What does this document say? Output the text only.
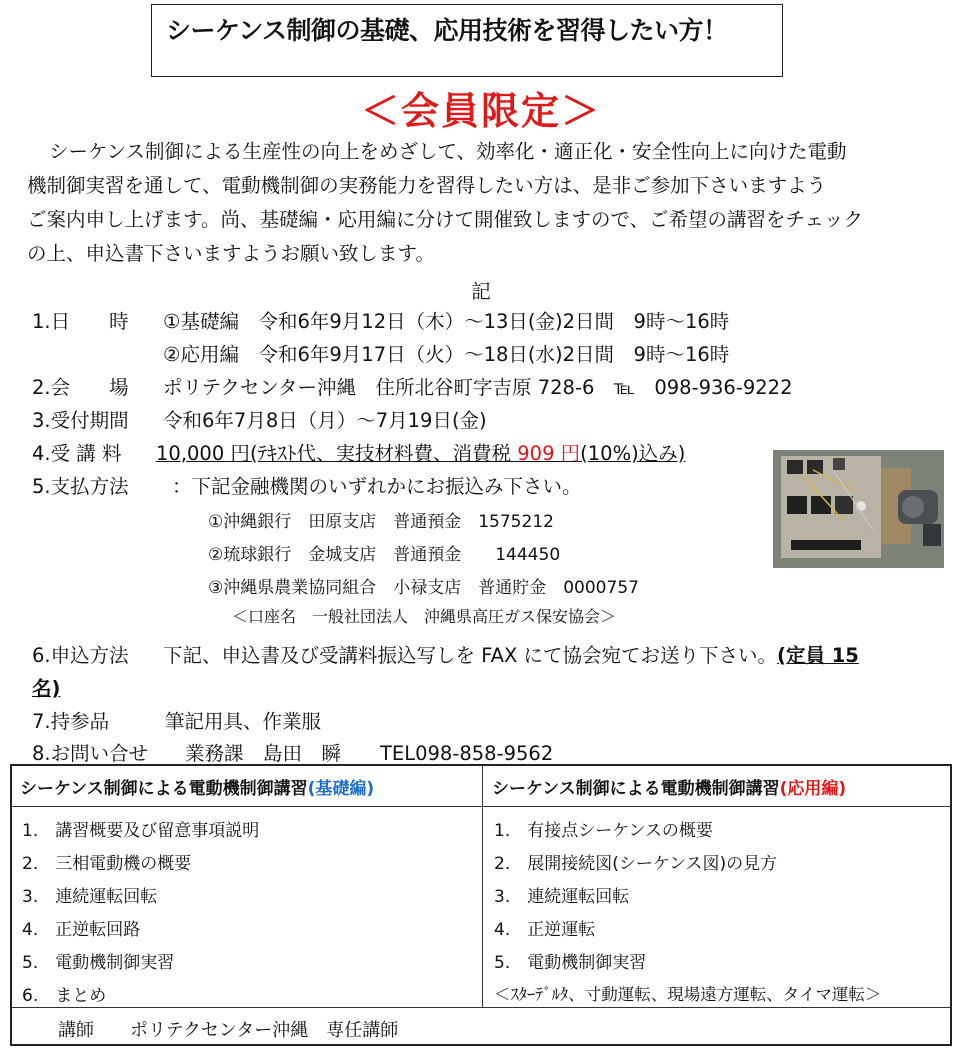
シーケンス制御の基礎、応用技術を習得したい方！
＜会員限定＞
シーケンス制御による生産性の向上をめざして、効率化・適正化・安全性向上に向けた電動
機制御実習を通して、電動機制御の実務能力を習得したい方は、是非ご参加下さいますよう
ご案内申し上げます。尚、基礎編・応用編に分けて開催致しますので、ご希望の講習をチェック
の上、申込書下さいますようお願い致します。
記
1.日　　時 ①基礎編　令和6年9月12日（木）～13日(金)2日間　9時～16時
②応用編　令和6年9月17日（火）～18日(水)2日間　9時～16時
2.会　　場 ポリテクセンター沖縄　住所北谷町字吉原 728-6　℡　098-936-9222
3.受付期間 令和6年7月8日（月）～7月19日(金)
4.受 講 料 10,000 円(ﾃｷｽﾄ代、実技材料費、消費税 909 円(10%)込み)
5.支払方法 ：下記金融機関のいずれかにお振込み下さい。
①沖縄銀行　田原支店　普通預金　1575212
②琉球銀行　金城支店　普通預金　　144450
③沖縄県農業協同組合　小禄支店　普通貯金　0000757
＜口座名　一般社団法人　沖縄県高圧ガス保安協会＞
6.申込方法 下記、申込書及び受講料振込写しを FAX にて協会宛てお送り下さい。(定員 15
名)
7.持参品	筆記用具、作業服
8.お問い合せ 業務課　島田　瞬　　TEL098-858-9562
シーケンス制御による電動機制御講習(基礎編)	シーケンス制御による電動機制御講習(応用編)
1.　講習概要及び留意事項説明
2.　三相電動機の概要
3.　連続運転回転
4.　正逆転回路
5.　電動機制御実習
6.　まとめ
1.　有接点シーケンスの概要
2.　展開接続図(シーケンス図)の見方
3.　連続運転回転
4.　正逆運転
5.　電動機制御実習
＜ｽﾀｰﾃﾞﾙﾀ、寸動運転、現場遠方運転、タイマ運転＞
講師　　ポリテクセンター沖縄　専任講師
